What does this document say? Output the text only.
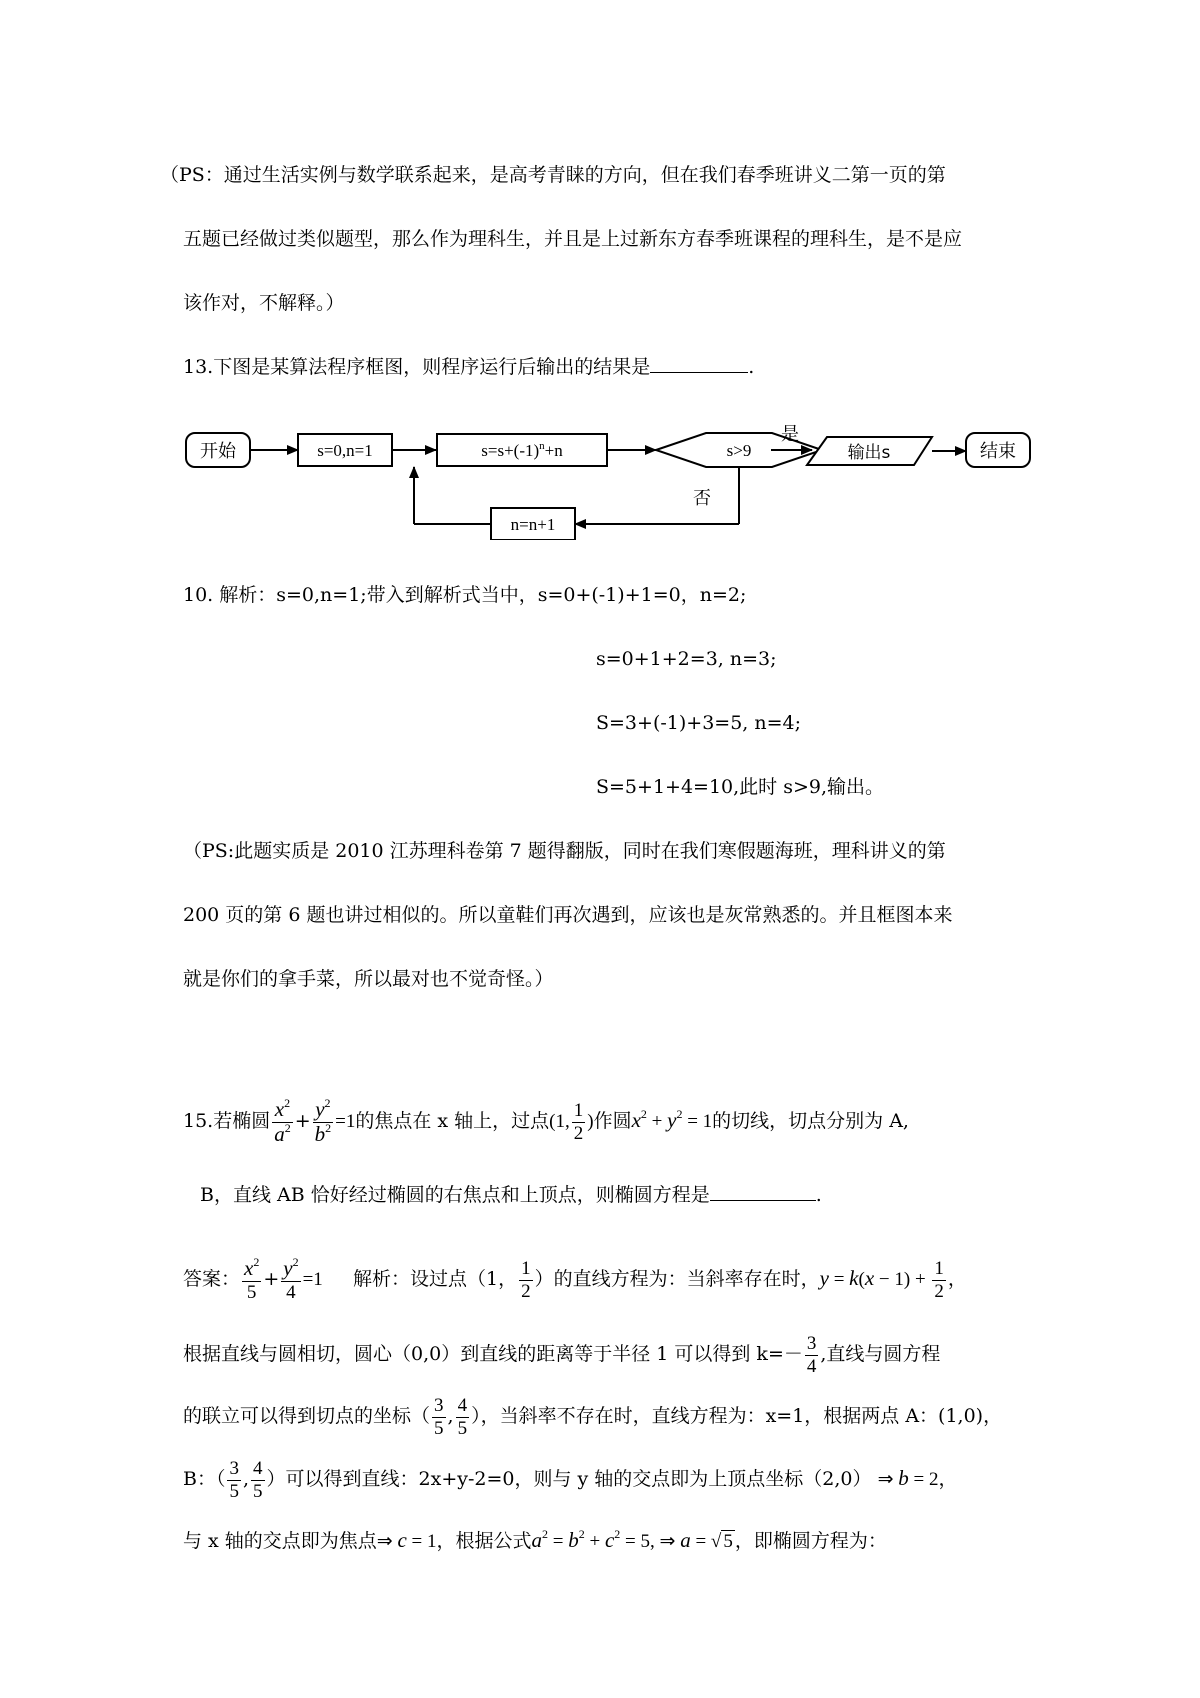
（PS：通过生活实例与数学联系起来，是高考青睐的方向，但在我们春季班讲义二第一页的第
五题已经做过类似题型，那么作为理科生，并且是上过新东方春季班课程的理科生，是不是应
该作对，不解释。）
13.下图是某算法程序框图，则程序运行后输出的结果是	.
开始	s=0,n=1	$s=s+(-1)^n+n$	s>9
是
输出s	结束
否
n=n+1
10. 解析：s=0,n=1;带入到解析式当中，s=0+(-1)+1=0，n=2;
s=0+1+2=3, n=3;
S=3+(-1)+3=5, n=4;
S=5+1+4=10,此时 s>9,输出。
（PS:此题实质是 2010 江苏理科卷第 7 题得翻版，同时在我们寒假题海班，理科讲义的第
200 页的第 6 题也讲过相似的。所以童鞋们再次遇到，应该也是灰常熟悉的。并且框图本来
就是你们的拿手菜，所以最对也不觉奇怪。）
15.若椭圆 $\frac{x^2}{a^2} + \frac{y^2}{b^2} =1$的焦点在 x 轴上，过点(1, $\frac{1}{2}$ )作圆$x^2 + y^2 = 1$的切线，切点分别为 A,
B，直线 AB 恰好经过椭圆的右焦点和上顶点，则椭圆方程是	.
答案： $\frac{x^2}{5} + \frac{y^2}{4} =1$ 解析：设过点（1， $\frac{1}{2}$ ）的直线方程为：当斜率存在时，$y = k(x - 1) + \frac{1}{2}$ ，
根据直线与圆相切，圆心（0,0）到直线的距离等于半径 1 可以得到 $k=- \frac{3}{4}$ ,直线与圆方程
的联立可以得到切点的坐标（ $\frac{3}{5}$ , $\frac{4}{5}$ ），当斜率不存在时，直线方程为：x=1，根据两点 A：(1,0)，
B：（ $\frac{3}{5}$ , $\frac{4}{5}$ ）可以得到直线：2x+y-2=0，则与 y 轴的交点即为上顶点坐标（2,0） ⇒ b = 2，
与 x 轴的交点即为焦点⇒ c = 1，根据公式$a^2 = b^2 + c^2 = 5$, ⇒ a = √ 5 ，即椭圆方程为：
